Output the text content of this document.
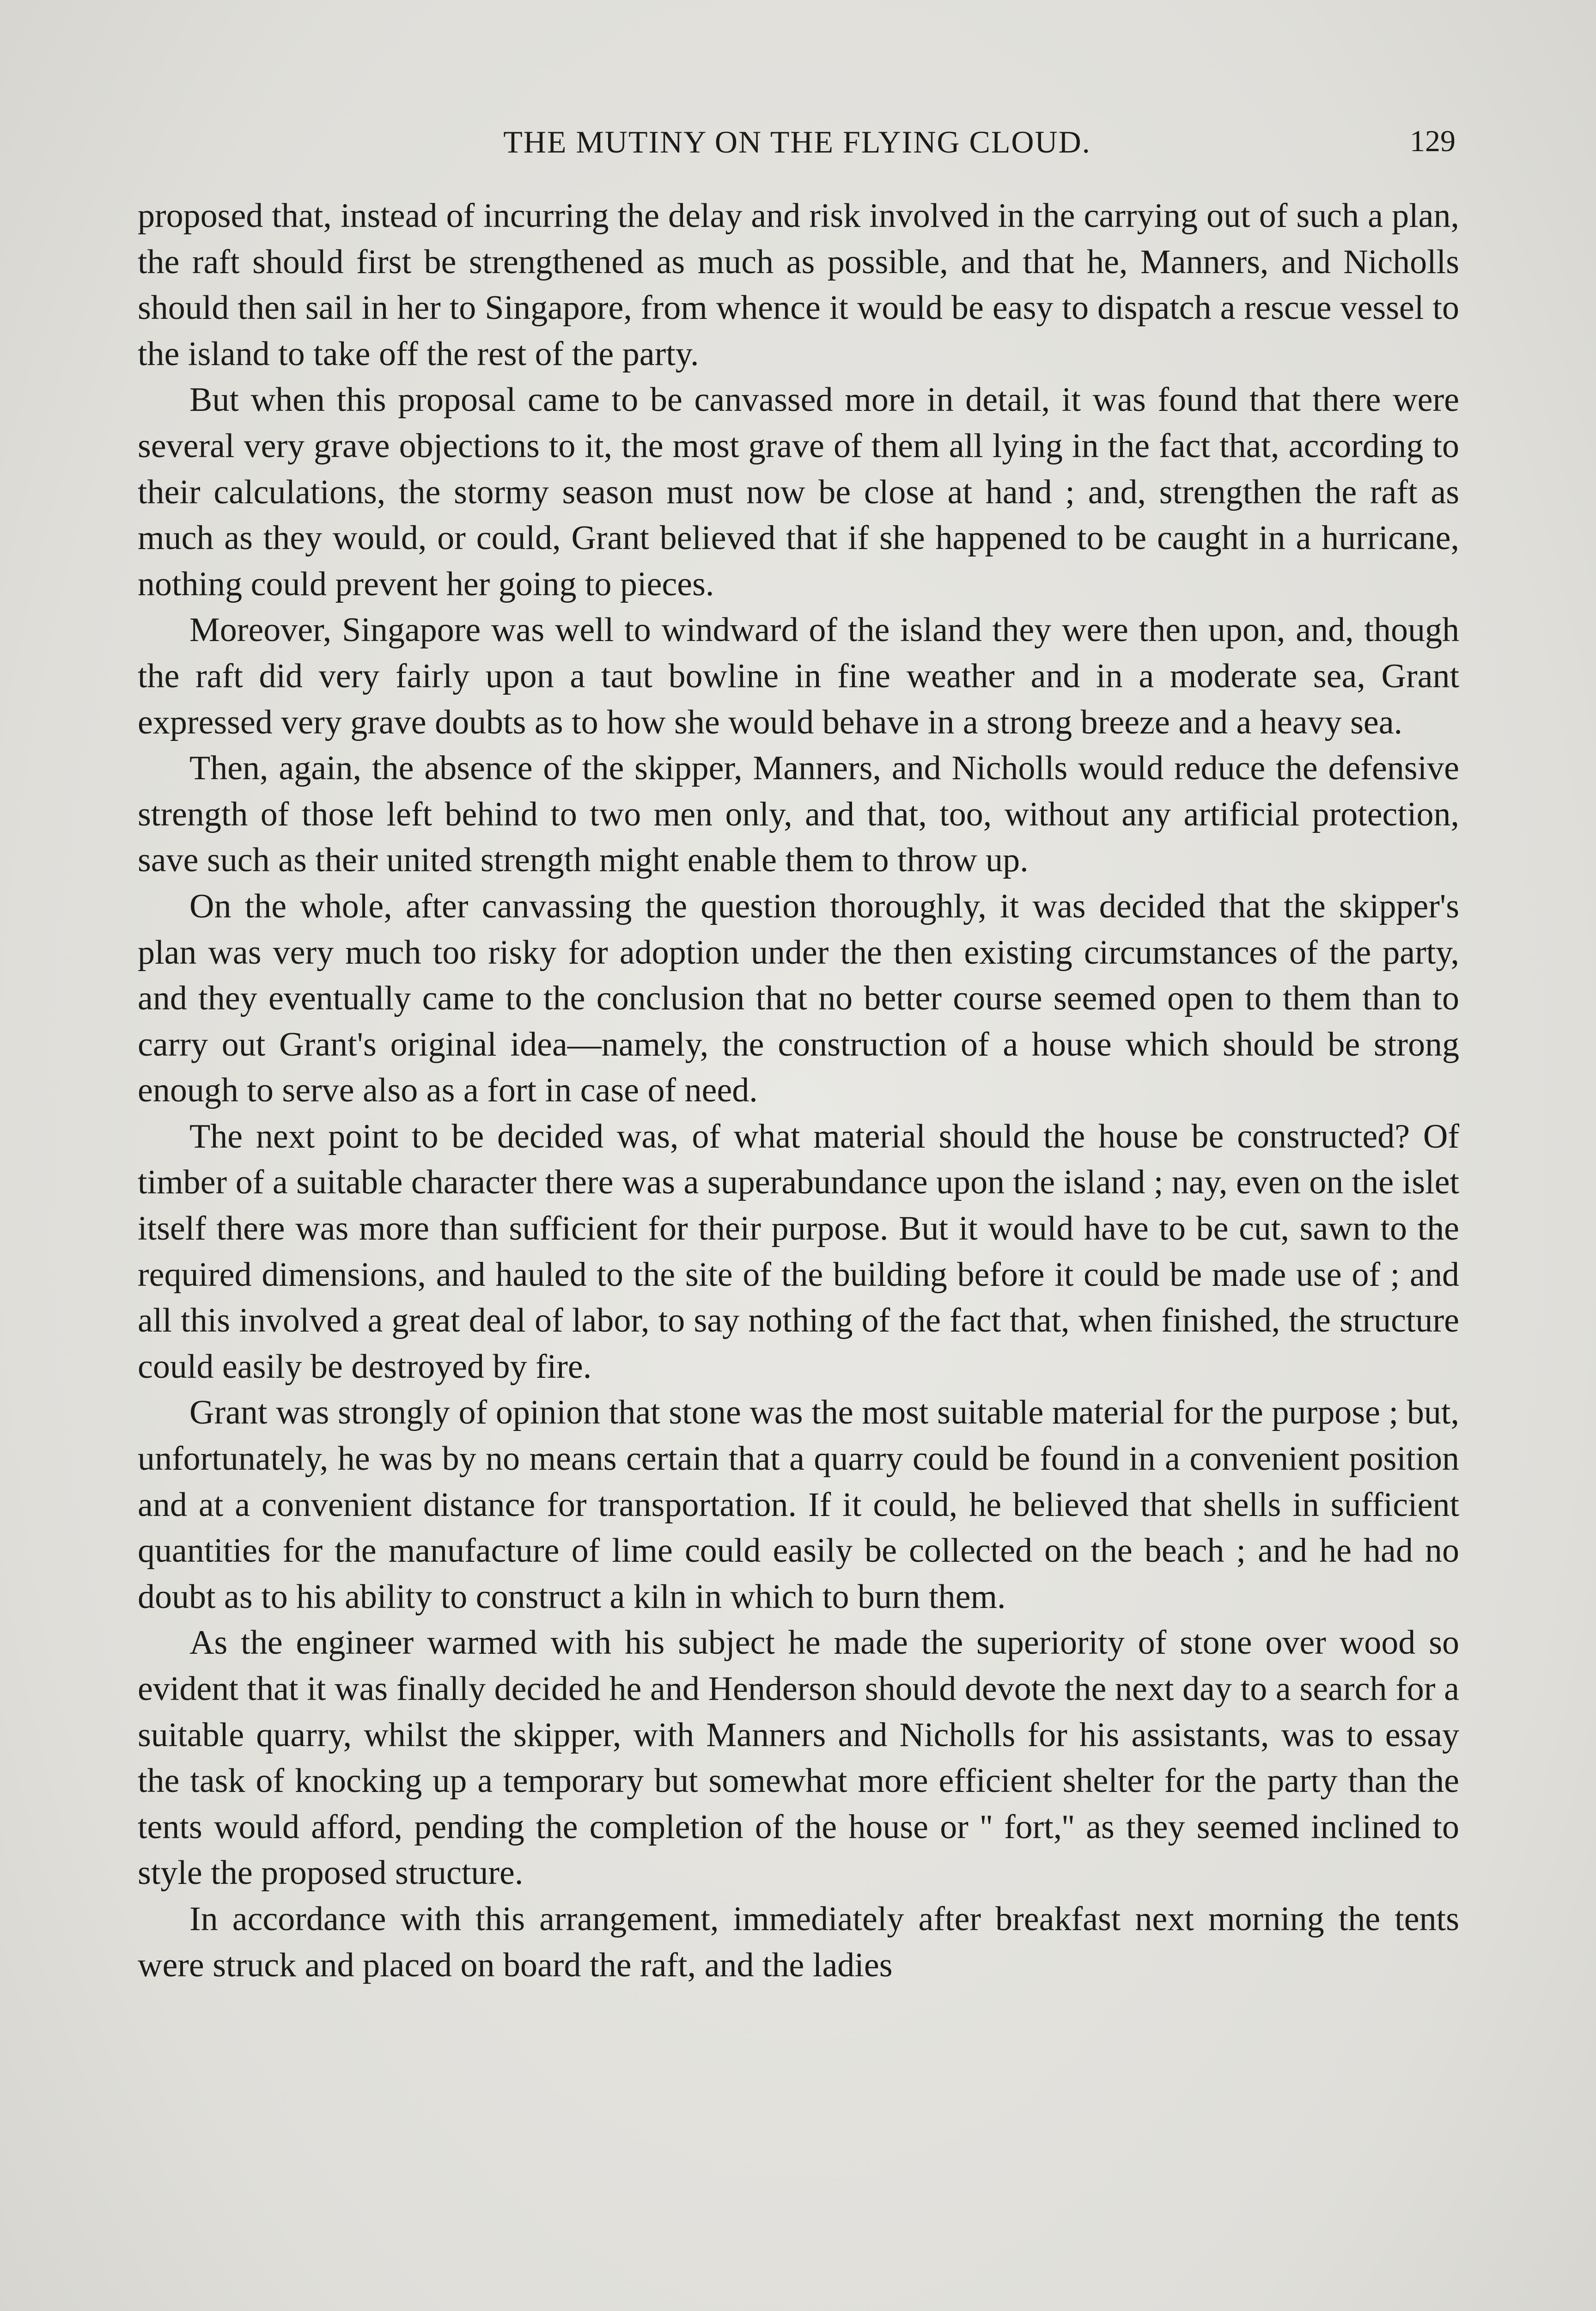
THE MUTINY ON THE FLYING CLOUD.	129

proposed that, instead of incurring the delay and risk involved in the carrying out of such a plan, the raft should first be strengthened as much as possible, and that he, Manners, and Nicholls should then sail in her to Singapore, from whence it would be easy to dispatch a rescue vessel to the island to take off the rest of the party.

But when this proposal came to be canvassed more in detail, it was found that there were several very grave objections to it, the most grave of them all lying in the fact that, according to their calculations, the stormy season must now be close at hand ; and, strengthen the raft as much as they would, or could, Grant believed that if she happened to be caught in a hurricane, nothing could prevent her going to pieces.

Moreover, Singapore was well to windward of the island they were then upon, and, though the raft did very fairly upon a taut bowline in fine weather and in a moderate sea, Grant expressed very grave doubts as to how she would behave in a strong breeze and a heavy sea.

Then, again, the absence of the skipper, Manners, and Nicholls would reduce the defensive strength of those left behind to two men only, and that, too, without any artificial protection, save such as their united strength might enable them to throw up.

On the whole, after canvassing the question thoroughly, it was decided that the skipper's plan was very much too risky for adoption under the then existing circumstances of the party, and they eventually came to the conclusion that no better course seemed open to them than to carry out Grant's original idea—namely, the construction of a house which should be strong enough to serve also as a fort in case of need.

The next point to be decided was, of what material should the house be constructed? Of timber of a suitable character there was a superabundance upon the island ; nay, even on the islet itself there was more than sufficient for their purpose. But it would have to be cut, sawn to the required dimensions, and hauled to the site of the building before it could be made use of ; and all this involved a great deal of labor, to say nothing of the fact that, when finished, the structure could easily be destroyed by fire.

Grant was strongly of opinion that stone was the most suitable material for the purpose ; but, unfortunately, he was by no means certain that a quarry could be found in a convenient position and at a convenient distance for transportation. If it could, he believed that shells in sufficient quantities for the manufacture of lime could easily be collected on the beach ; and he had no doubt as to his ability to construct a kiln in which to burn them.

As the engineer warmed with his subject he made the superiority of stone over wood so evident that it was finally decided he and Henderson should devote the next day to a search for a suitable quarry, whilst the skipper, with Manners and Nicholls for his assistants, was to essay the task of knocking up a temporary but somewhat more efficient shelter for the party than the tents would afford, pending the completion of the house or '' fort,'' as they seemed inclined to style the proposed structure.

In accordance with this arrangement, immediately after breakfast next morning the tents were struck and placed on board the raft, and the ladies
